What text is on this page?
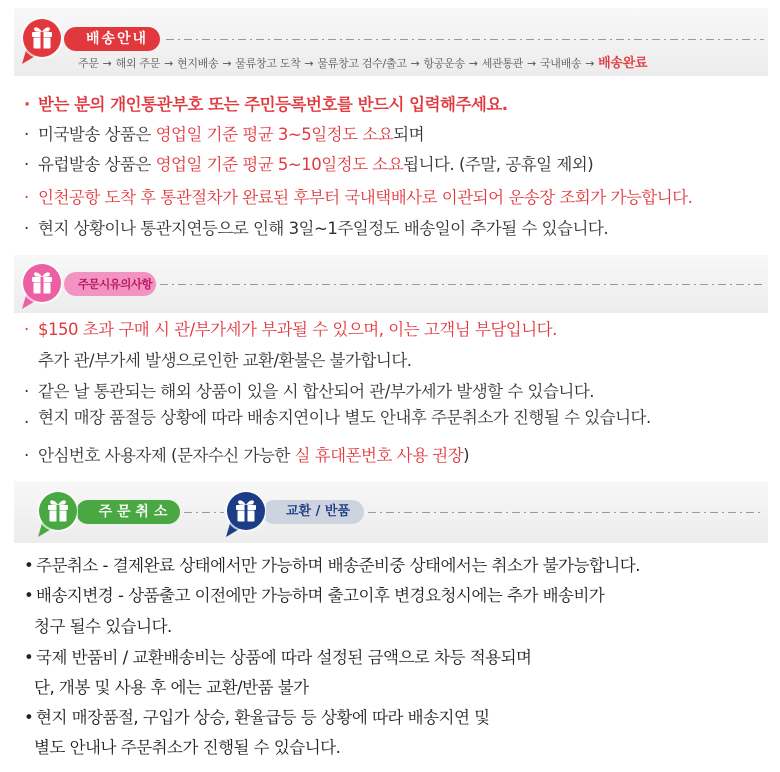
배송안내
주문 → 해외 주문 → 현지배송 → 물류창고 도착 → 물류창고 검수/출고 → 항공운송 → 세관통관 → 국내배송 → 배송완료
· 받는 분의 개인통관부호 또는 주민등록번호를 반드시 입력해주세요.
· 미국발송 상품은 영업일 기준 평균 3~5일정도 소요되며
· 유럽발송 상품은 영업일 기준 평균 5~10일정도 소요됩니다. (주말, 공휴일 제외)
· 인천공항 도착 후 통관절차가 완료된 후부터 국내택배사로 이관되어 운송장 조회가 가능합니다.
· 현지 상황이나 통관지연등으로 인해 3일~1주일정도 배송일이 추가될 수 있습니다.
주문시유의사항
· $150 초과 구매 시 관/부가세가 부과될 수 있으며, 이는 고객님 부담입니다.
추가 관/부가세 발생으로인한 교환/환불은 불가합니다.
· 같은 날 통관되는 해외 상품이 있을 시 합산되어 관/부가세가 발생할 수 있습니다.
. 현지 매장 품절등 상황에 따라 배송지연이나 별도 안내후 주문취소가 진행될 수 있습니다.
· 안심번호 사용자제 (문자수신 가능한 실 휴대폰번호 사용 권장)
주 문 취 소	교환 / 반품
• 주문취소 - 결제완료 상태에서만 가능하며 배송준비중 상태에서는 취소가 불가능합니다.
• 배송지변경 - 상품출고 이전에만 가능하며 출고이후 변경요청시에는 추가 배송비가
청구 될수 있습니다.
• 국제 반품비 / 교환배송비는 상품에 따라 설정된 금액으로 차등 적용되며
단, 개봉 및 사용 후 에는 교환/반품 불가
• 현지 매장품절, 구입가 상승, 환율급등 등 상황에 따라 배송지연 및
별도 안내나 주문취소가 진행될 수 있습니다.
